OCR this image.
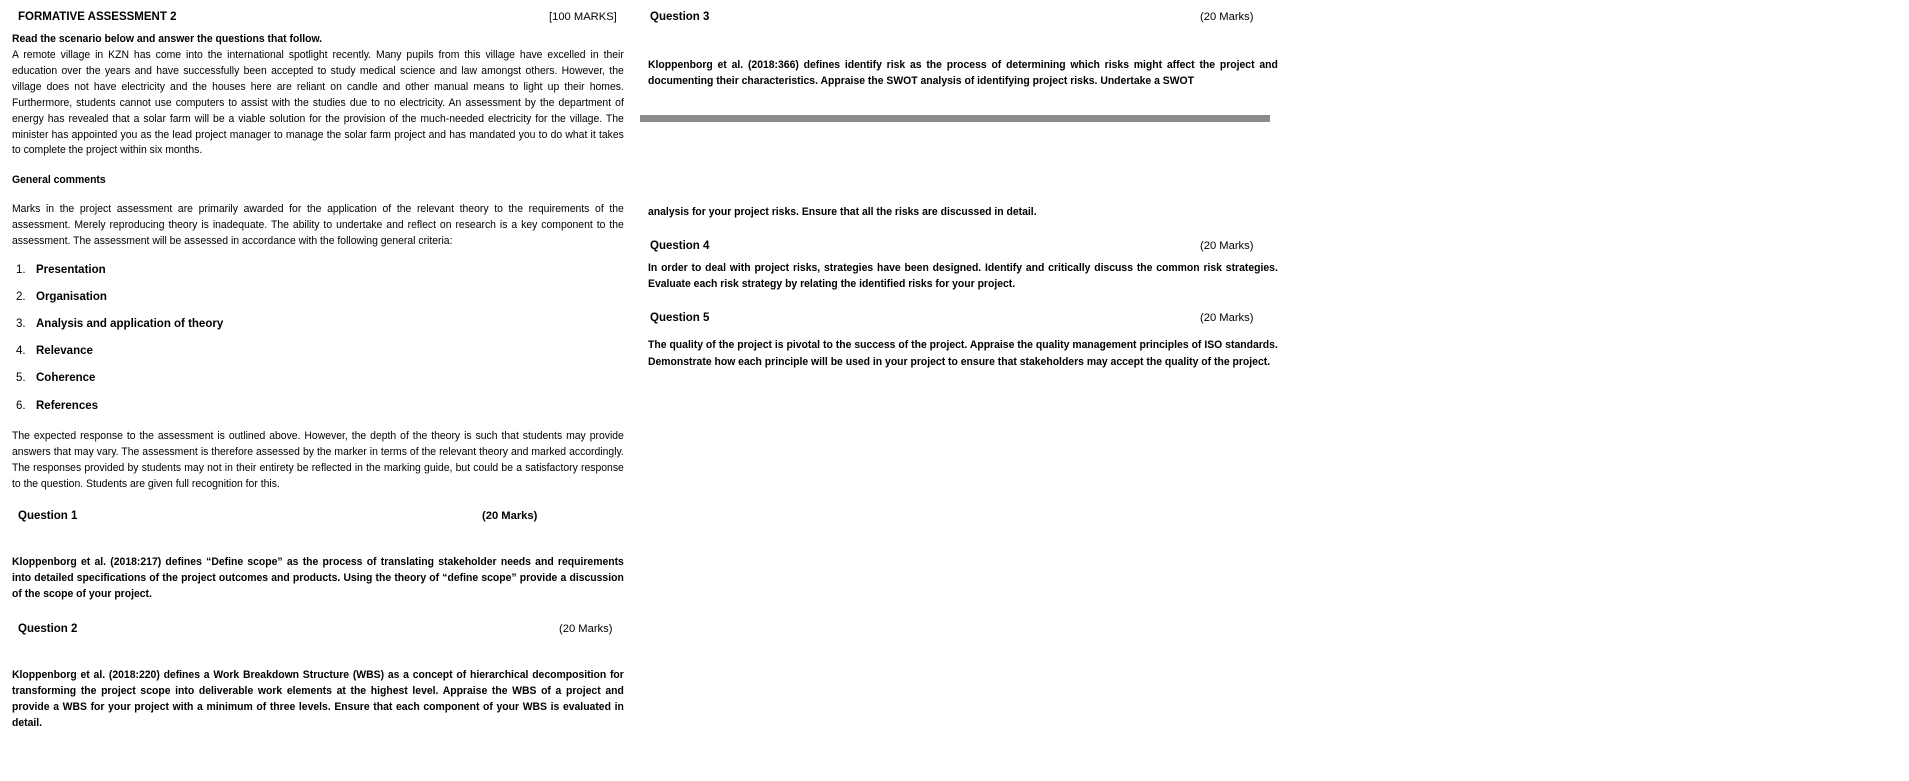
FORMATIVE ASSESSMENT 2	[100 MARKS]
Read the scenario below and answer the questions that follow.
A remote village in KZN has come into the international spotlight recently. Many pupils from this village have excelled in their education over the years and have successfully been accepted to study medical science and law amongst others. However, the village does not have electricity and the houses here are reliant on candle and other manual means to light up their homes. Furthermore, students cannot use computers to assist with the studies due to no electricity. An assessment by the department of energy has revealed that a solar farm will be a viable solution for the provision of the much-needed electricity for the village. The minister has appointed you as the lead project manager to manage the solar farm project and has mandated you to do what it takes to complete the project within six months.
General comments
Marks in the project assessment are primarily awarded for the application of the relevant theory to the requirements of the assessment. Merely reproducing theory is inadequate. The ability to undertake and reflect on research is a key component to the assessment. The assessment will be assessed in accordance with the following general criteria:
1. Presentation
2. Organisation
3. Analysis and application of theory
4. Relevance
5. Coherence
6. References
The expected response to the assessment is outlined above. However, the depth of the theory is such that students may provide answers that may vary. The assessment is therefore assessed by the marker in terms of the relevant theory and marked accordingly. The responses provided by students may not in their entirety be reflected in the marking guide, but could be a satisfactory response to the question. Students are given full recognition for this.
Question 1	(20 Marks)
Kloppenborg et al. (2018:217) defines “Define scope” as the process of translating stakeholder needs and requirements into detailed specifications of the project outcomes and products. Using the theory of “define scope” provide a discussion of the scope of your project.
Question 2	(20 Marks)
Kloppenborg et al. (2018:220) defines a Work Breakdown Structure (WBS) as a concept of hierarchical decomposition for transforming the project scope into deliverable work elements at the highest level. Appraise the WBS of a project and provide a WBS for your project with a minimum of three levels. Ensure that each component of your WBS is evaluated in detail.
Question 3	(20 Marks)
Kloppenborg et al. (2018:366) defines identify risk as the process of determining which risks might affect the project and documenting their characteristics. Appraise the SWOT analysis of identifying project risks. Undertake a SWOT
analysis for your project risks. Ensure that all the risks are discussed in detail.
Question 4	(20 Marks)
In order to deal with project risks, strategies have been designed. Identify and critically discuss the common risk strategies. Evaluate each risk strategy by relating the identified risks for your project.
Question 5	(20 Marks)
The quality of the project is pivotal to the success of the project. Appraise the quality management principles of ISO standards. Demonstrate how each principle will be used in your project to ensure that stakeholders may accept the quality of the project.
